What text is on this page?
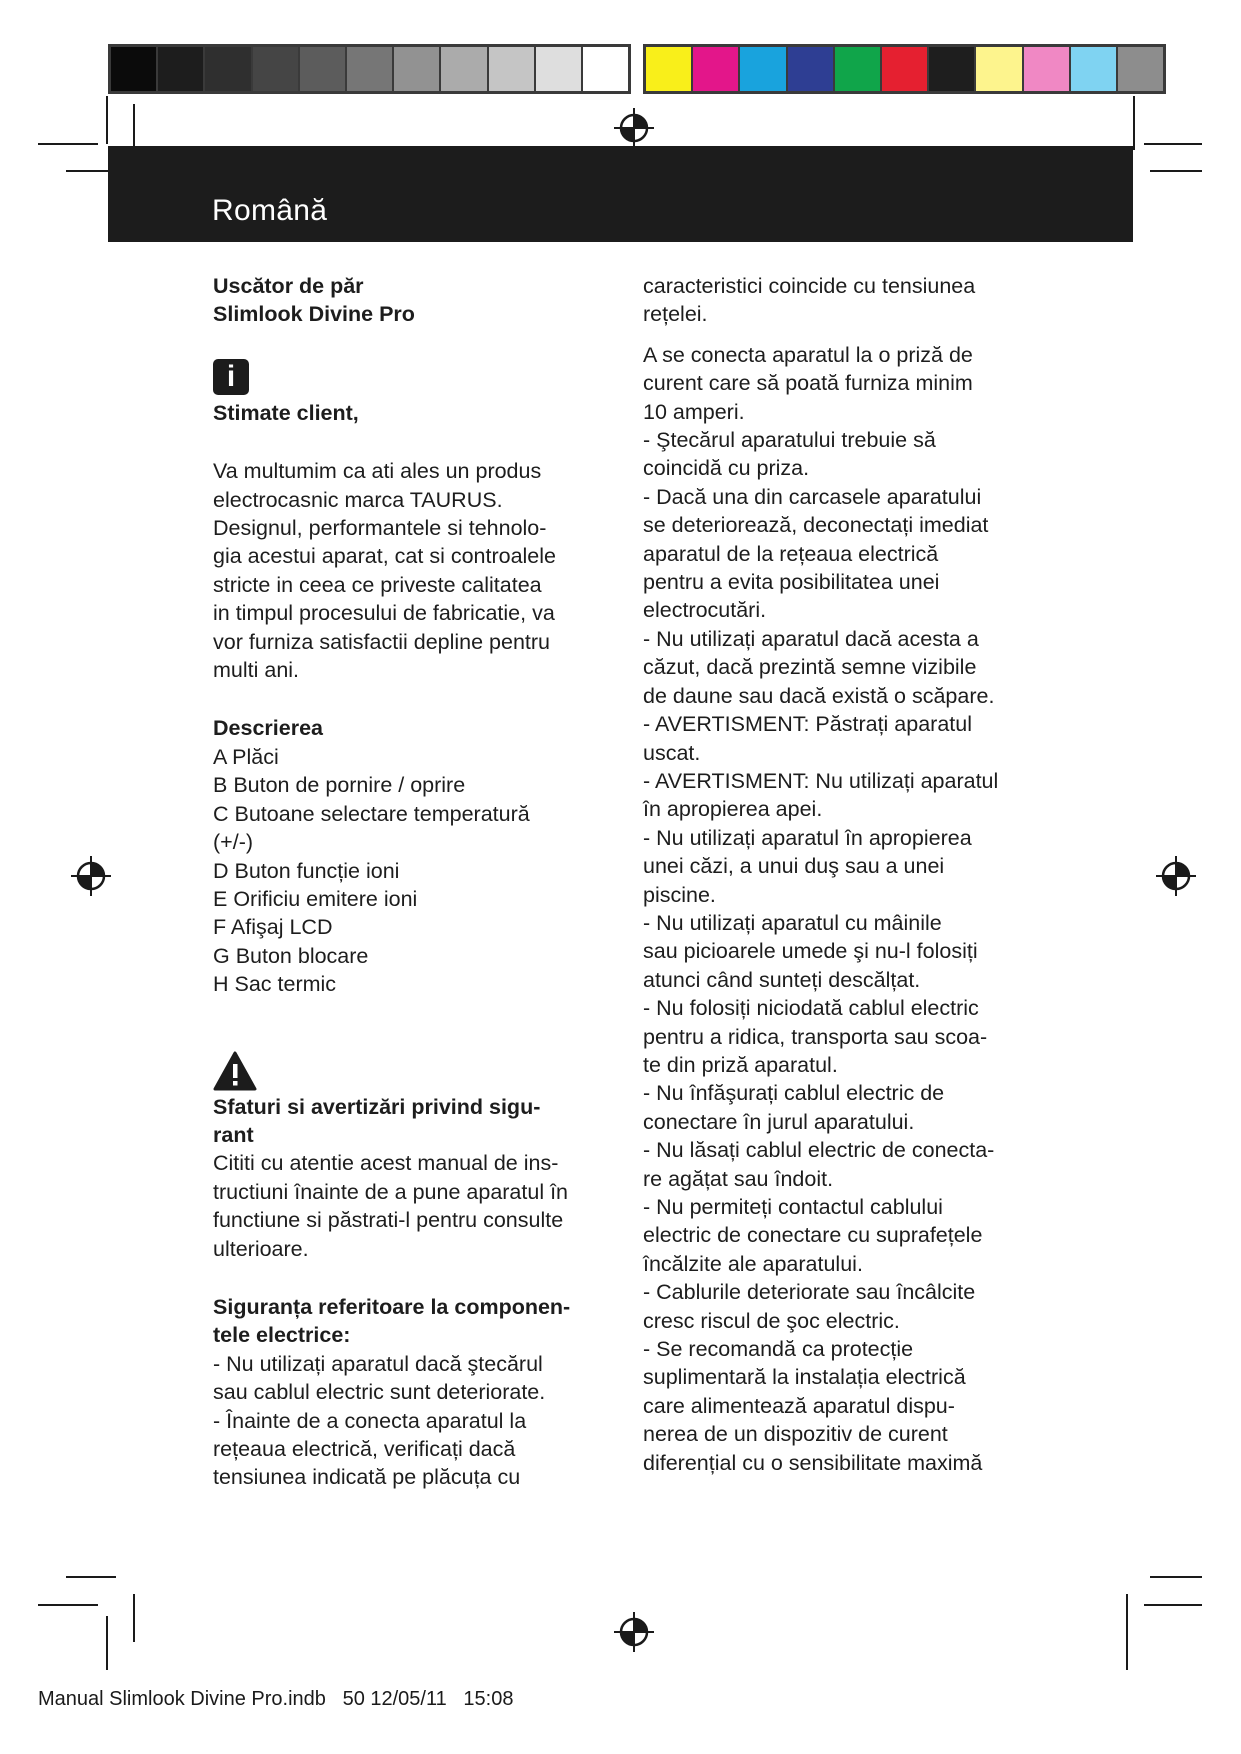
Română

Uscător de păr

Slimlook Divine Pro

i

Stimate client,

Va multumim ca ati ales un produs

electrocasnic marca TAURUS.

Designul, performantele si tehnolo-

gia acestui aparat, cat si controalele

stricte in ceea ce priveste calitatea

in timpul procesului de fabricatie, va

vor furniza satisfactii depline pentru

multi ani.

Descrierea

A Plăci

B Buton de pornire / oprire

C Butoane selectare temperatură

(+/-)

D Buton funcție ioni

E Orificiu emitere ioni

F Afişaj LCD

G Buton blocare

H Sac termic

Sfaturi si avertizări privind sigu-

rant

Cititi cu atentie acest manual de ins-

tructiuni înainte de a pune aparatul în

functiune si păstrati-l pentru consulte

ulterioare.

Siguranța referitoare la componen-

tele electrice:

- Nu utilizați aparatul dacă ştecărul

sau cablul electric sunt deteriorate.

- Înainte de a conecta aparatul la

rețeaua electrică, verificați dacă

tensiunea indicată pe plăcuța cu

caracteristici coincide cu tensiunea

rețelei.

A se conecta aparatul la o priză de

curent care să poată furniza minim

10 amperi.

- Ştecărul aparatului trebuie să

coincidă cu priza.

- Dacă una din carcasele aparatului

se deteriorează, deconectați imediat

aparatul de la rețeaua electrică

pentru a evita posibilitatea unei

electrocutări.

- Nu utilizați aparatul dacă acesta a

căzut, dacă prezintă semne vizibile

de daune sau dacă există o scăpare.

- AVERTISMENT: Păstrați aparatul

uscat.

- AVERTISMENT: Nu utilizați aparatul

în apropierea apei.

- Nu utilizați aparatul în apropierea

unei căzi, a unui duş sau a unei

piscine.

- Nu utilizați aparatul cu mâinile

sau picioarele umede şi nu-l folosiți

atunci când sunteți descălțat.

- Nu folosiți niciodată cablul electric

pentru a ridica, transporta sau scoa-

te din priză aparatul.

- Nu înfăşurați cablul electric de

conectare în jurul aparatului.

- Nu lăsați cablul electric de conecta-

re agățat sau îndoit.

- Nu permiteți contactul cablului

electric de conectare cu suprafețele

încălzite ale aparatului.

- Cablurile deteriorate sau încâlcite

cresc riscul de şoc electric.

- Se recomandă ca protecție

suplimentară la instalația electrică

care alimentează aparatul dispu-

nerea de un dispozitiv de curent

diferențial cu o sensibilitate maximă

Manual Slimlook Divine Pro.indb   50 12/05/11   15:08
